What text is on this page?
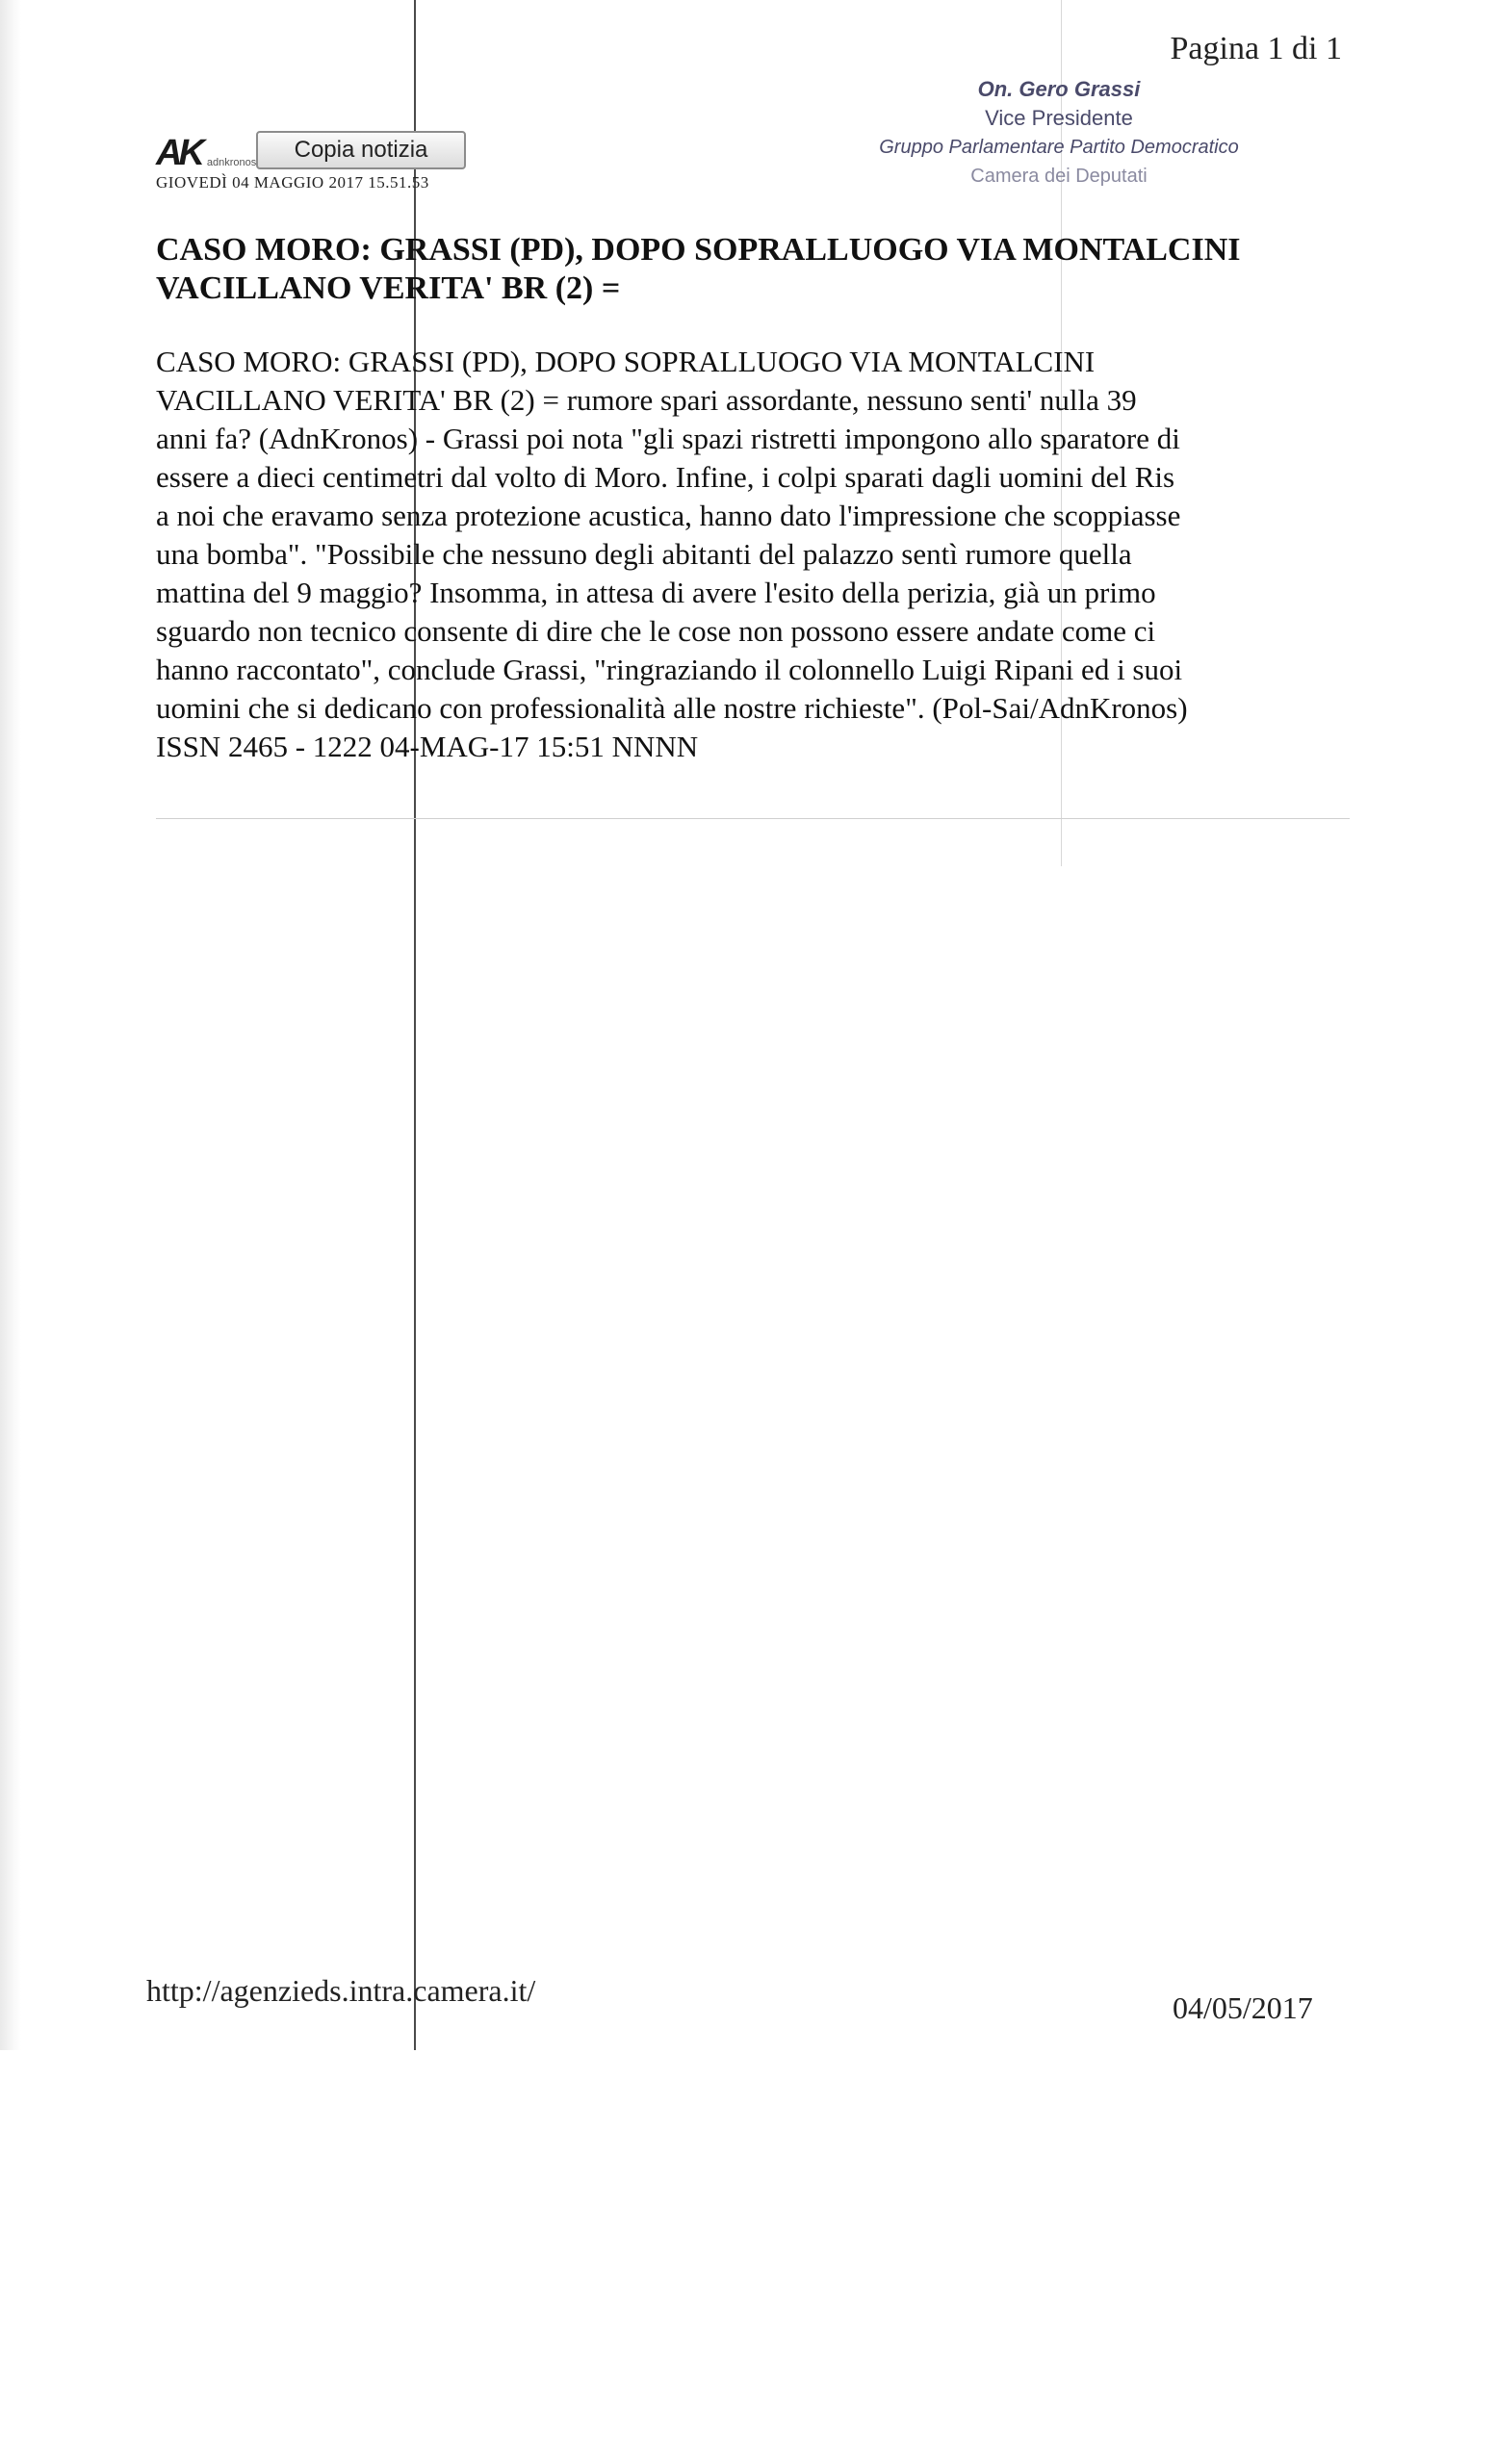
Pagina 1 di 1
On. Gero Grassi
Vice Presidente
Gruppo Parlamentare Partito Democratico
Camera dei Deputati
AK adnkronos	Copia notizia
GIOVEDÌ 04 MAGGIO 2017 15.51.53
CASO MORO: GRASSI (PD), DOPO SOPRALLUOGO VIA MONTALCINI
VACILLANO VERITA' BR (2) =

CASO MORO: GRASSI (PD), DOPO SOPRALLUOGO VIA MONTALCINI
VACILLANO VERITA' BR (2) = rumore spari assordante, nessuno senti' nulla 39
anni fa? (AdnKronos) - Grassi poi nota "gli spazi ristretti impongono allo sparatore di
essere a dieci centimetri dal volto di Moro. Infine, i colpi sparati dagli uomini del Ris
a noi che eravamo senza protezione acustica, hanno dato l'impressione che scoppiasse
una bomba". "Possibile che nessuno degli abitanti del palazzo sentì rumore quella
mattina del 9 maggio? Insomma, in attesa di avere l'esito della perizia, già un primo
sguardo non tecnico consente di dire che le cose non possono essere andate come ci
hanno raccontato", conclude Grassi, "ringraziando il colonnello Luigi Ripani ed i suoi
uomini che si dedicano con professionalità alle nostre richieste". (Pol-Sai/AdnKronos)
ISSN 2465 - 1222 04-MAG-17 15:51 NNNN

http://agenzieds.intra.camera.it/	04/05/2017
